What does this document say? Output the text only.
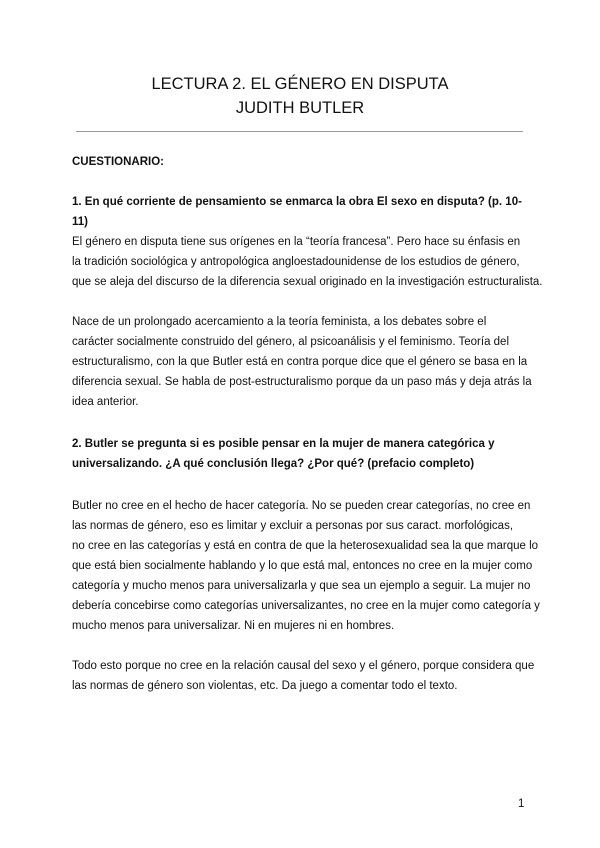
LECTURA 2. EL GÉNERO EN DISPUTA
JUDITH BUTLER
CUESTIONARIO:
1. En qué corriente de pensamiento se enmarca la obra El sexo en disputa? (p. 10-11)
El género en disputa tiene sus orígenes en la “teoría francesa”. Pero hace su énfasis en
la tradición sociológica y antropológica angloestadounidense de los estudios de género,
que se aleja del discurso de la diferencia sexual originado en la investigación estructuralista.
Nace de un prolongado acercamiento a la teoría feminista, a los debates sobre el
carácter socialmente construido del género, al psicoanálisis y el feminismo. Teoría del
estructuralismo, con la que Butler está en contra porque dice que el género se basa en la
diferencia sexual. Se habla de post-estructuralismo porque da un paso más y deja atrás la
idea anterior.
2. Butler se pregunta si es posible pensar en la mujer de manera categórica y
universalizando. ¿A qué conclusión llega? ¿Por qué? (prefacio completo)
Butler no cree en el hecho de hacer categoría. No se pueden crear categorías, no cree en
las normas de género, eso es limitar y excluir a personas por sus caract. morfológicas,
no cree en las categorías y está en contra de que la heterosexualidad sea la que marque lo
que está bien socialmente hablando y lo que está mal, entonces no cree en la mujer como
categoría y mucho menos para universalizarla y que sea un ejemplo a seguir. La mujer no
debería concebirse como categorías universalizantes, no cree en la mujer como categoría y
mucho menos para universalizar. Ni en mujeres ni en hombres.
Todo esto porque no cree en la relación causal del sexo y el género, porque considera que
las normas de género son violentas, etc. Da juego a comentar todo el texto.
1
